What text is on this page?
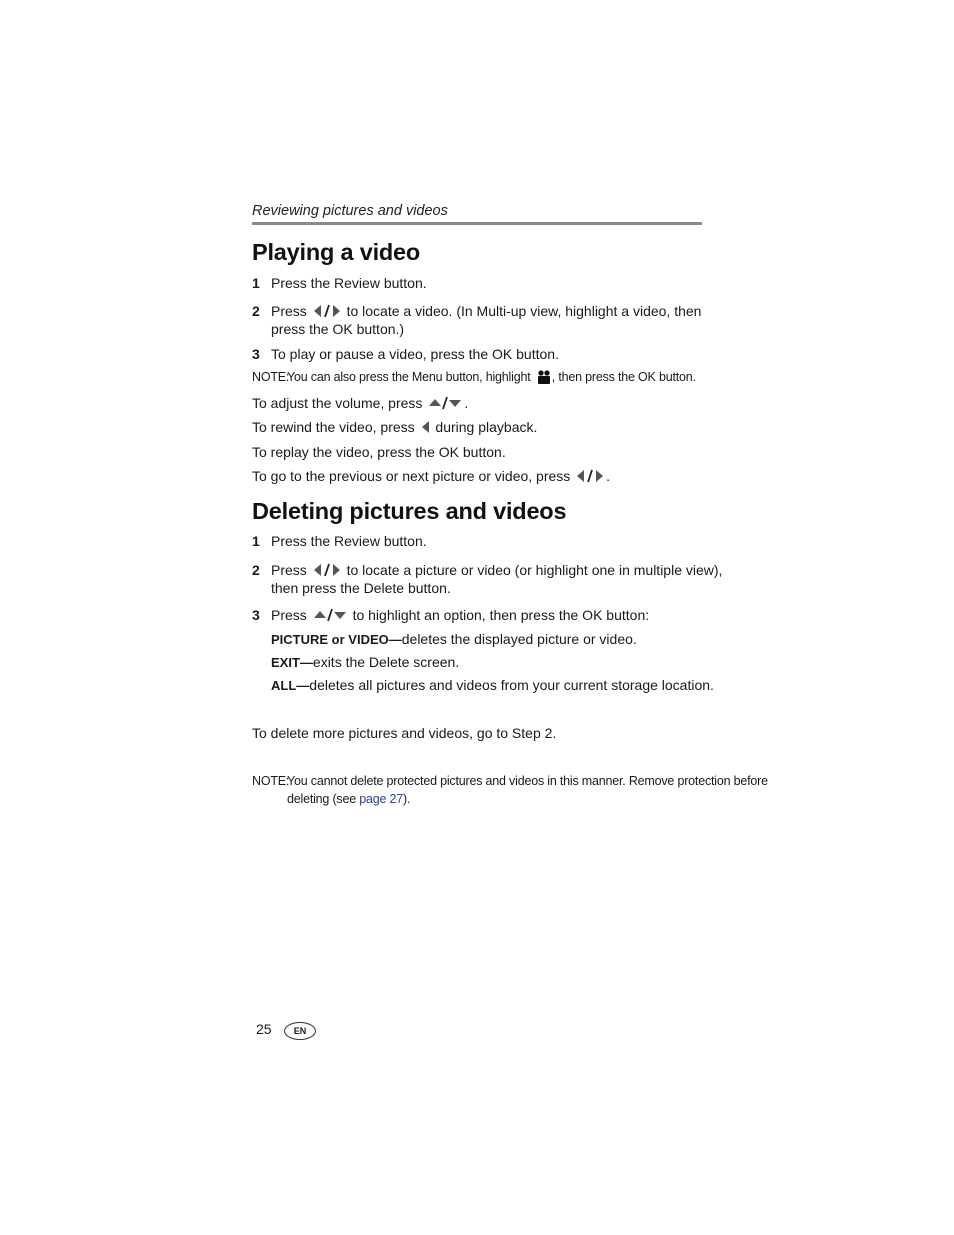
Reviewing pictures and videos
Playing a video
1 Press the Review button.
2 Press	to locate a video. (In Multi-up view, highlight a video, then
press the OK button.)
3 To play or pause a video, press the OK button.
NOTE:
You can also press the Menu button, highlight , then press the OK button.
To adjust the volume, press	.
To rewind the video, press during playback.
To replay the video, press the OK button.
To go to the previous or next picture or video, press	.
Deleting pictures and videos
1 Press the Review button.
2 Press	to locate a picture or video (or highlight one in multiple view),
then press the Delete button.
3 Press	to highlight an option, then press the OK button:
PICTURE or VIDEO—deletes the displayed picture or video.
EXIT—exits the Delete screen.
ALL—deletes all pictures and videos from your current storage location.
To delete more pictures and videos, go to Step 2.
NOTE:
You cannot delete protected pictures and videos in this manner. Remove protection before
deleting (see page 27).
25	EN
